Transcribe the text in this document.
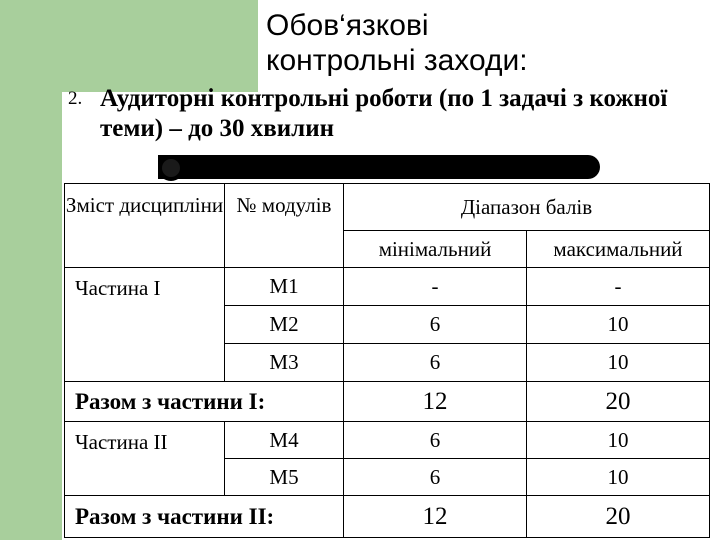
Обов‘язкові
контрольні заходи:
2. Аудиторні контрольні роботи (по 1 задачі з кожної теми) – до 30 хвилин
Зміст дисципліни	№ модулів	Діапазон балів	
		мінімальний	максимальний
Частина І	М1	-	-
	М2	6	10
	М3	6	10
Разом з частини І:		12	20
Частина ІІ	М4	6	10
	М5	6	10
Разом з частини ІІ:		12	20
